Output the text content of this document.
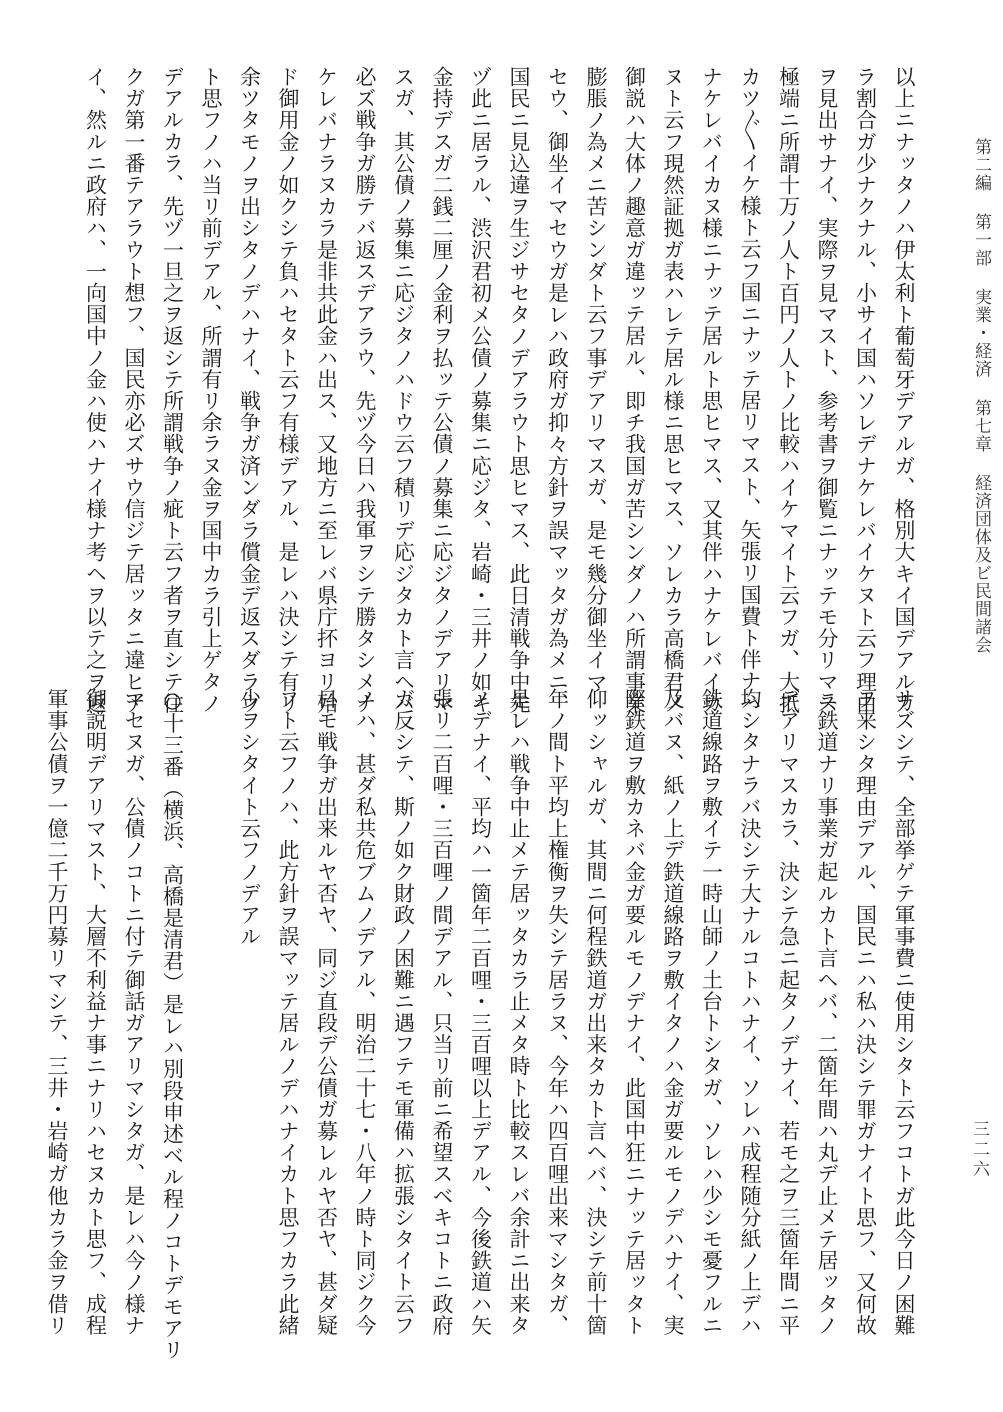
第二編 第一部 実業・経済 第七章 経済団体及ビ民間諸会
三二六
以上ニナッタノハ伊太利ト葡萄牙デアルガ、格別大キイ国デアルカ
ラ割合ガ少ナクナル、小サイ国ハソレデナケレバイケヌト云フ理由
ヲ見出サナイ、実際ヲ見マスト、参考書ヲ御覧ニナッテモ分リマス
極端ニ所謂十万ノ人ト百円ノ人トノ比較ハイケマイト云フガ、大抵
カツ〲イケ様ト云フ国ニナッテ居リマスト、矢張リ国費ト伴ナハ
ナケレバイカヌ様ニナッテ居ルト思ヒマス、又其伴ハナケレバイカ
ヌト云フ現然証拠ガ表ハレテ居ル様ニ思ヒマス、ソレカラ高橋君ノ
御説ハ大体ノ趣意ガ違ッテ居ル、即チ我国ガ苦シンダノハ所謂事業
膨脹ノ為メニ苦シンダト云フ事デアリマスガ、是モ幾分御坐イマ
セウ、御坐イマセウガ是レハ政府ガ抑々方針ヲ誤マッタガ為メニ、
国民ニ見込違ヲ生ジサセタノデアラウト思ヒマス、此日清戦争中先
ヅ此ニ居ラル、渋沢君初メ公債ノ募集ニ応ジタ、岩崎・三井ノ如キ
金持デスガ二銭二厘ノ金利ヲ払ッテ公債ノ募集ニ応ジタノデアリマ
スガ、其公債ノ募集ニ応ジタノハドウ云フ積リデ応ジタカト言ヘバ
必ズ戦争ガ勝テバ返スデアラウ、先ヅ今日ハ我軍ヲシテ勝タシメナ
ケレバナラヌカラ是非共此金ハ出ス、又地方ニ至レバ県庁抔ヨリ殆
ド御用金ノ如クシテ負ハセタト云フ有様デアル、是レハ決シテ有リ
余ツタモノヲ出シタノデハナイ、戦争ガ済ンダラ償金デ返スダラウ
ト思フノハ当リ前デアル、所謂有リ余ラヌ金ヲ国中カラ引上ゲタノ
デアルカラ、先ヅ一旦之ヲ返シテ所謂戦争ノ疵ト云フ者ヲ直シテ往
クガ第一番テアラウト想フ、国民亦必ズサウ信ジテ居ッタニ違ヒナ
イ、然ルニ政府ハ、一向国中ノ金ハ使ハナイ様ナ考ヘヲ以テ之ヲ返
サズシテ、全部挙ゲテ軍事費ニ使用シタト云フコトガ此今日ノ困難
ヲ来シタ理由デアル、国民ニハ私ハ決シテ罪ガナイト思フ、又何故
ニ鉄道ナリ事業ガ起ルカト言ヘバ、二箇年間ハ丸デ止メテ居ッタノ
デアリマスカラ、決シテ急ニ起タノデナイ、若モ之ヲ三箇年間ニ平
均シタナラバ決シテ大ナルコトハナイ、ソレハ成程随分紙ノ上デハ
鉄道線路ヲ敷イテ一時山師ノ土台トシタガ、ソレハ少シモ憂フルニ
及バヌ、紙ノ上デ鉄道線路ヲ敷イタノハ金ガ要ルモノデハナイ、実
際鉄道ヲ敷カネバ金ガ要ルモノデナイ、此国中狂ニナッテ居ッタト
仰ッシャルガ、其間ニ何程鉄道ガ出来タカト言ヘバ、決シテ前十箇
年ノ間ト平均上権衡ヲ失シテ居ラヌ、今年ハ四百哩出来マシタガ、
是レハ戦争中止メテ居ッタカラ止メタ時ト比較スレバ余計ニ出来タ
ノデナイ、平均ハ一箇年二百哩・三百哩以上デアル、今後鉄道ハ矢
張リ二百哩・三百哩ノ間デアル、只当リ前ニ希望スベキコトニ政府
ガ反シテ、斯ノ如ク財政ノ困難ニ遇フテモ軍備ハ拡張シタイト云フ
ノハ、甚ダ私共危ブムノデアル、明治二十七・八年ノ時ト同ジク今
日モ戦争ガ出来ルヤ否ヤ、同ジ直段デ公債ガ募レルヤ否ヤ、甚ダ疑
フト云フノハ、此方針ヲ誤マッテ居ルノデハナイカト思フカラ此緒
少ヲシタイト云フノデアル

○十三番（横浜、高橋是清君）是レハ別段申述ベル程ノコトデモアリ
マセヌガ、公債ノコトニ付テ御話ガアリマシタガ、是レハ今ノ様ナ
御説明デアリマスト、大層不利益ナ事ニナリハセヌカト思フ、成程
軍事公債ヲ一億二千万円募リマシテ、三井・岩崎ガ他カラ金ヲ借リ
